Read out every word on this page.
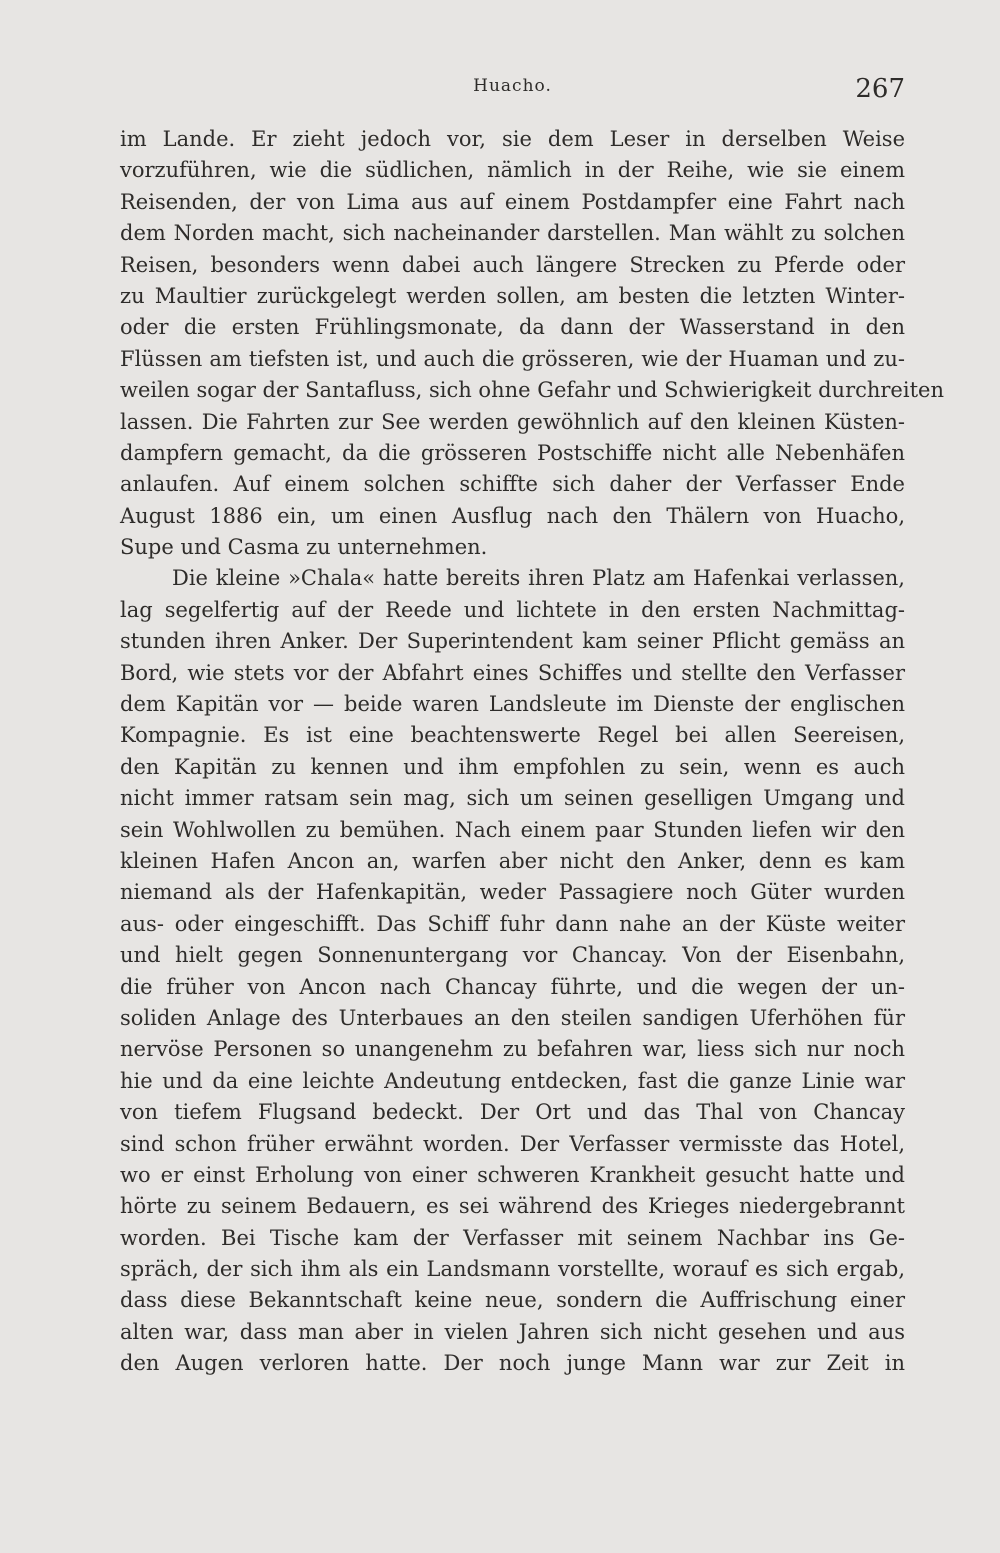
Huacho.	267
im Lande. Er zieht jedoch vor, sie dem Leser in derselben Weise
vorzuführen, wie die südlichen, nämlich in der Reihe, wie sie einem
Reisenden, der von Lima aus auf einem Postdampfer eine Fahrt nach
dem Norden macht, sich nacheinander darstellen. Man wählt zu solchen
Reisen, besonders wenn dabei auch längere Strecken zu Pferde oder
zu Maultier zurückgelegt werden sollen, am besten die letzten Winter-
oder die ersten Frühlingsmonate, da dann der Wasserstand in den
Flüssen am tiefsten ist, und auch die grösseren, wie der Huaman und zu-
weilen sogar der Santafluss, sich ohne Gefahr und Schwierigkeit durchreiten
lassen. Die Fahrten zur See werden gewöhnlich auf den kleinen Küsten-
dampfern gemacht, da die grösseren Postschiffe nicht alle Nebenhäfen
anlaufen. Auf einem solchen schiffte sich daher der Verfasser Ende
August 1886 ein, um einen Ausflug nach den Thälern von Huacho,
Supe und Casma zu unternehmen.
Die kleine »Chala« hatte bereits ihren Platz am Hafenkai verlassen,
lag segelfertig auf der Reede und lichtete in den ersten Nachmittag-
stunden ihren Anker. Der Superintendent kam seiner Pflicht gemäss an
Bord, wie stets vor der Abfahrt eines Schiffes und stellte den Verfasser
dem Kapitän vor — beide waren Landsleute im Dienste der englischen
Kompagnie. Es ist eine beachtenswerte Regel bei allen Seereisen,
den Kapitän zu kennen und ihm empfohlen zu sein, wenn es auch
nicht immer ratsam sein mag, sich um seinen geselligen Umgang und
sein Wohlwollen zu bemühen. Nach einem paar Stunden liefen wir den
kleinen Hafen Ancon an, warfen aber nicht den Anker, denn es kam
niemand als der Hafenkapitän, weder Passagiere noch Güter wurden
aus- oder eingeschifft. Das Schiff fuhr dann nahe an der Küste weiter
und hielt gegen Sonnenuntergang vor Chancay. Von der Eisenbahn,
die früher von Ancon nach Chancay führte, und die wegen der un-
soliden Anlage des Unterbaues an den steilen sandigen Uferhöhen für
nervöse Personen so unangenehm zu befahren war, liess sich nur noch
hie und da eine leichte Andeutung entdecken, fast die ganze Linie war
von tiefem Flugsand bedeckt. Der Ort und das Thal von Chancay
sind schon früher erwähnt worden. Der Verfasser vermisste das Hotel,
wo er einst Erholung von einer schweren Krankheit gesucht hatte und
hörte zu seinem Bedauern, es sei während des Krieges niedergebrannt
worden. Bei Tische kam der Verfasser mit seinem Nachbar ins Ge-
spräch, der sich ihm als ein Landsmann vorstellte, worauf es sich ergab,
dass diese Bekanntschaft keine neue, sondern die Auffrischung einer
alten war, dass man aber in vielen Jahren sich nicht gesehen und aus
den Augen verloren hatte. Der noch junge Mann war zur Zeit in
